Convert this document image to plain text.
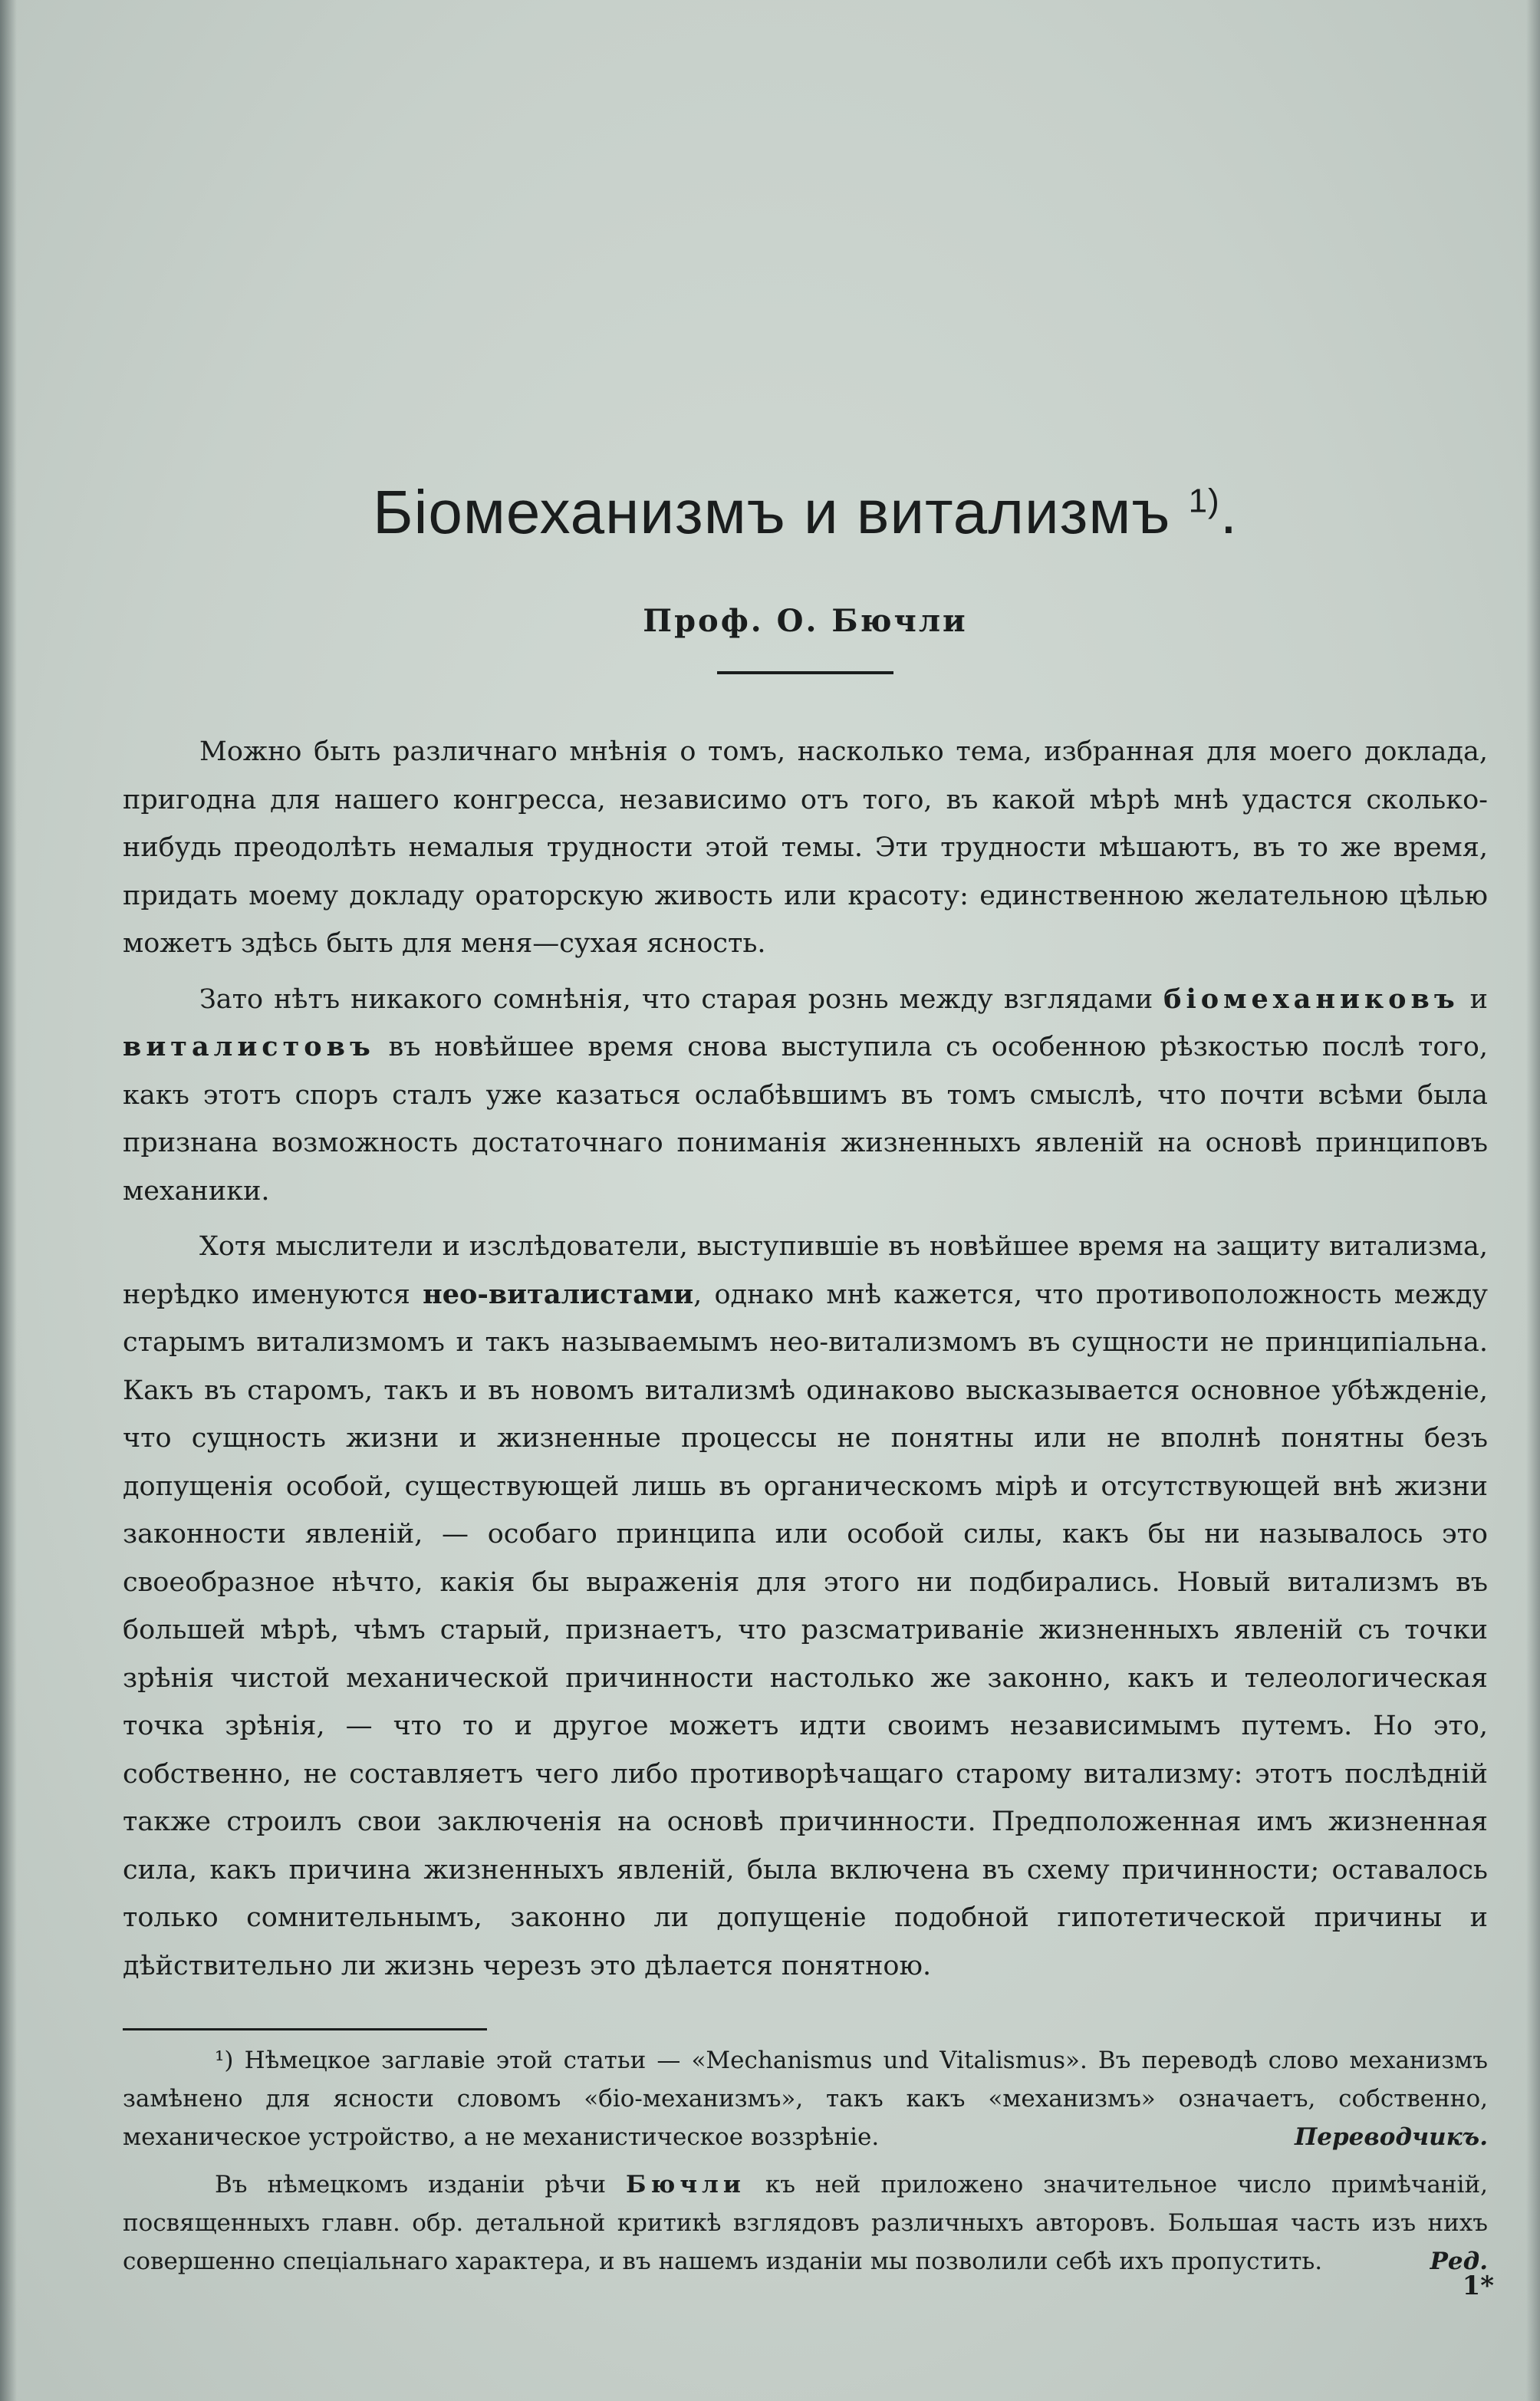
Біомеханизмъ и витализмъ $^{1)}$.
Проф. О. Бючли

Можно быть различнаго мнѣнія о томъ, насколько тема, избранная для моего доклада, пригодна для нашего конгресса, независимо отъ того, въ какой мѣрѣ мнѣ удастся сколько-нибудь преодолѣть немалыя трудности этой темы. Эти трудности мѣшаютъ, въ то же время, придать моему докладу ораторскую живость или красоту: единственною желательною цѣлью можетъ здѣсь быть для меня—сухая ясность.

Зато нѣтъ никакого сомнѣнія, что старая рознь между взглядами біомеханиковъ и виталистовъ въ новѣйшее время снова выступила съ особенною рѣзкостью послѣ того, какъ этотъ споръ сталъ уже казаться ослабѣвшимъ въ томъ смыслѣ, что почти всѣми была признана возможность достаточнаго пониманія жизненныхъ явленій на основѣ принциповъ механики.

Хотя мыслители и изслѣдователи, выступившіе въ новѣйшее время на защиту витализма, нерѣдко именуются нео-виталистами, однако мнѣ кажется, что противоположность между старымъ витализмомъ и такъ называемымъ нео-витализмомъ въ сущности не принципіальна. Какъ въ старомъ, такъ и въ новомъ витализмѣ одинаково высказывается основное убѣжденіе, что сущность жизни и жизненные процессы не понятны или не вполнѣ понятны безъ допущенія особой, существующей лишь въ органическомъ мірѣ и отсутствующей внѣ жизни законности явленій, — особаго принципа или особой силы, какъ бы ни называлось это своеобразное нѣчто, какія бы выраженія для этого ни подбирались. Новый витализмъ въ большей мѣрѣ, чѣмъ старый, признаетъ, что разсматриваніе жизненныхъ явленій съ точки зрѣнія чистой механической причинности настолько же законно, какъ и телеологическая точка зрѣнія, — что то и другое можетъ идти своимъ независимымъ путемъ. Но это, собственно, не составляетъ чего либо противорѣчащаго старому витализму: этотъ послѣдній также строилъ свои заключенія на основѣ причинности. Предположенная имъ жизненная сила, какъ причина жизненныхъ явленій, была включена въ схему причинности; оставалось только сомнительнымъ, законно ли допущеніе подобной гипотетической причины и дѣйствительно ли жизнь черезъ это дѣлается понятною.

¹) Нѣмецкое заглавіе этой статьи — «Mechanismus und Vitalismus». Въ переводѣ слово механизмъ замѣнено для ясности словомъ «біо-механизмъ», такъ какъ «механизмъ» означаетъ, собственно, механическое устройство, а не механистическое воззрѣніе.	Переводчикъ.

Въ нѣмецкомъ изданіи рѣчи Бючли къ ней приложено значительное число примѣчаній, посвященныхъ главн. обр. детальной критикѣ взглядовъ различныхъ авторовъ. Большая часть изъ нихъ совершенно спеціальнаго характера, и въ нашемъ изданіи мы позволили себѣ ихъ пропустить.	Ред.
1*
